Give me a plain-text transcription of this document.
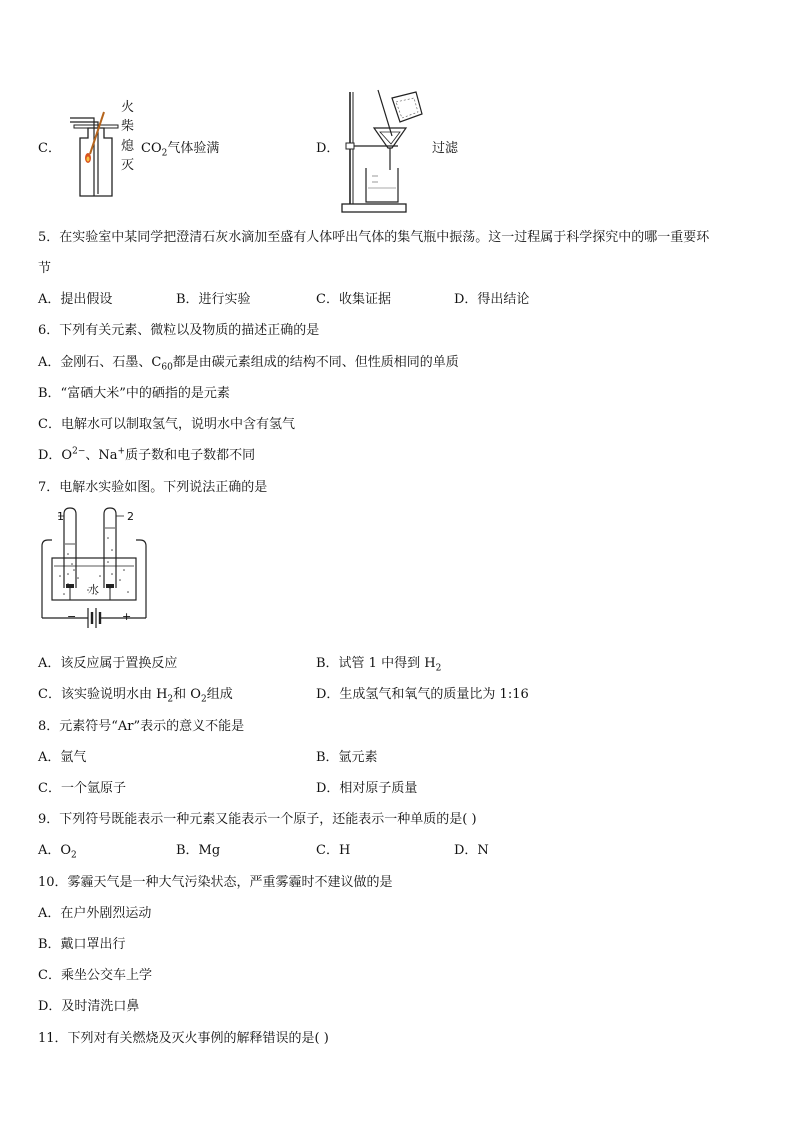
C．
火
柴
熄
灭
$CO_2$气体验满	D．	过滤
5．在实验室中某同学把澄清石灰水滴加至盛有人体呼出气体的集气瓶中振荡。这一过程属于科学探究中的哪一重要环
节
A．提出假设	B．进行实验	C．收集证据	D．得出结论
6．下列有关元素、微粒以及物质的描述正确的是
A．金刚石、石墨、$C_{60}$都是由碳元素组成的结构不同、但性质相同的单质
B．“富硒大米”中的硒指的是元素
C．电解水可以制取氢气，说明水中含有氢气
D．$O^{2-}$、Na+质子数和电子数都不同
7．电解水实验如图。下列说法正确的是
1	2
水
−	+
A．该反应属于置换反应	B．试管 1 中得到 $H_2$
C．该实验说明水由 $H_2$和 $O_2$组成	D．生成氢气和氧气的质量比为 1:16
8．元素符号“Ar”表示的意义不能是
A．氩气	B．氩元素
C．一个氩原子	D．相对原子质量
9．下列符号既能表示一种元素又能表示一个原子，还能表示一种单质的是( )
A．$O_2$	B．Mg	C．H	D．N
10．雾霾天气是一种大气污染状态，严重雾霾时不建议做的是
A．在户外剧烈运动
B．戴口罩出行
C．乘坐公交车上学
D．及时清洗口鼻
11．下列对有关燃烧及灭火事例的解释错误的是( )
